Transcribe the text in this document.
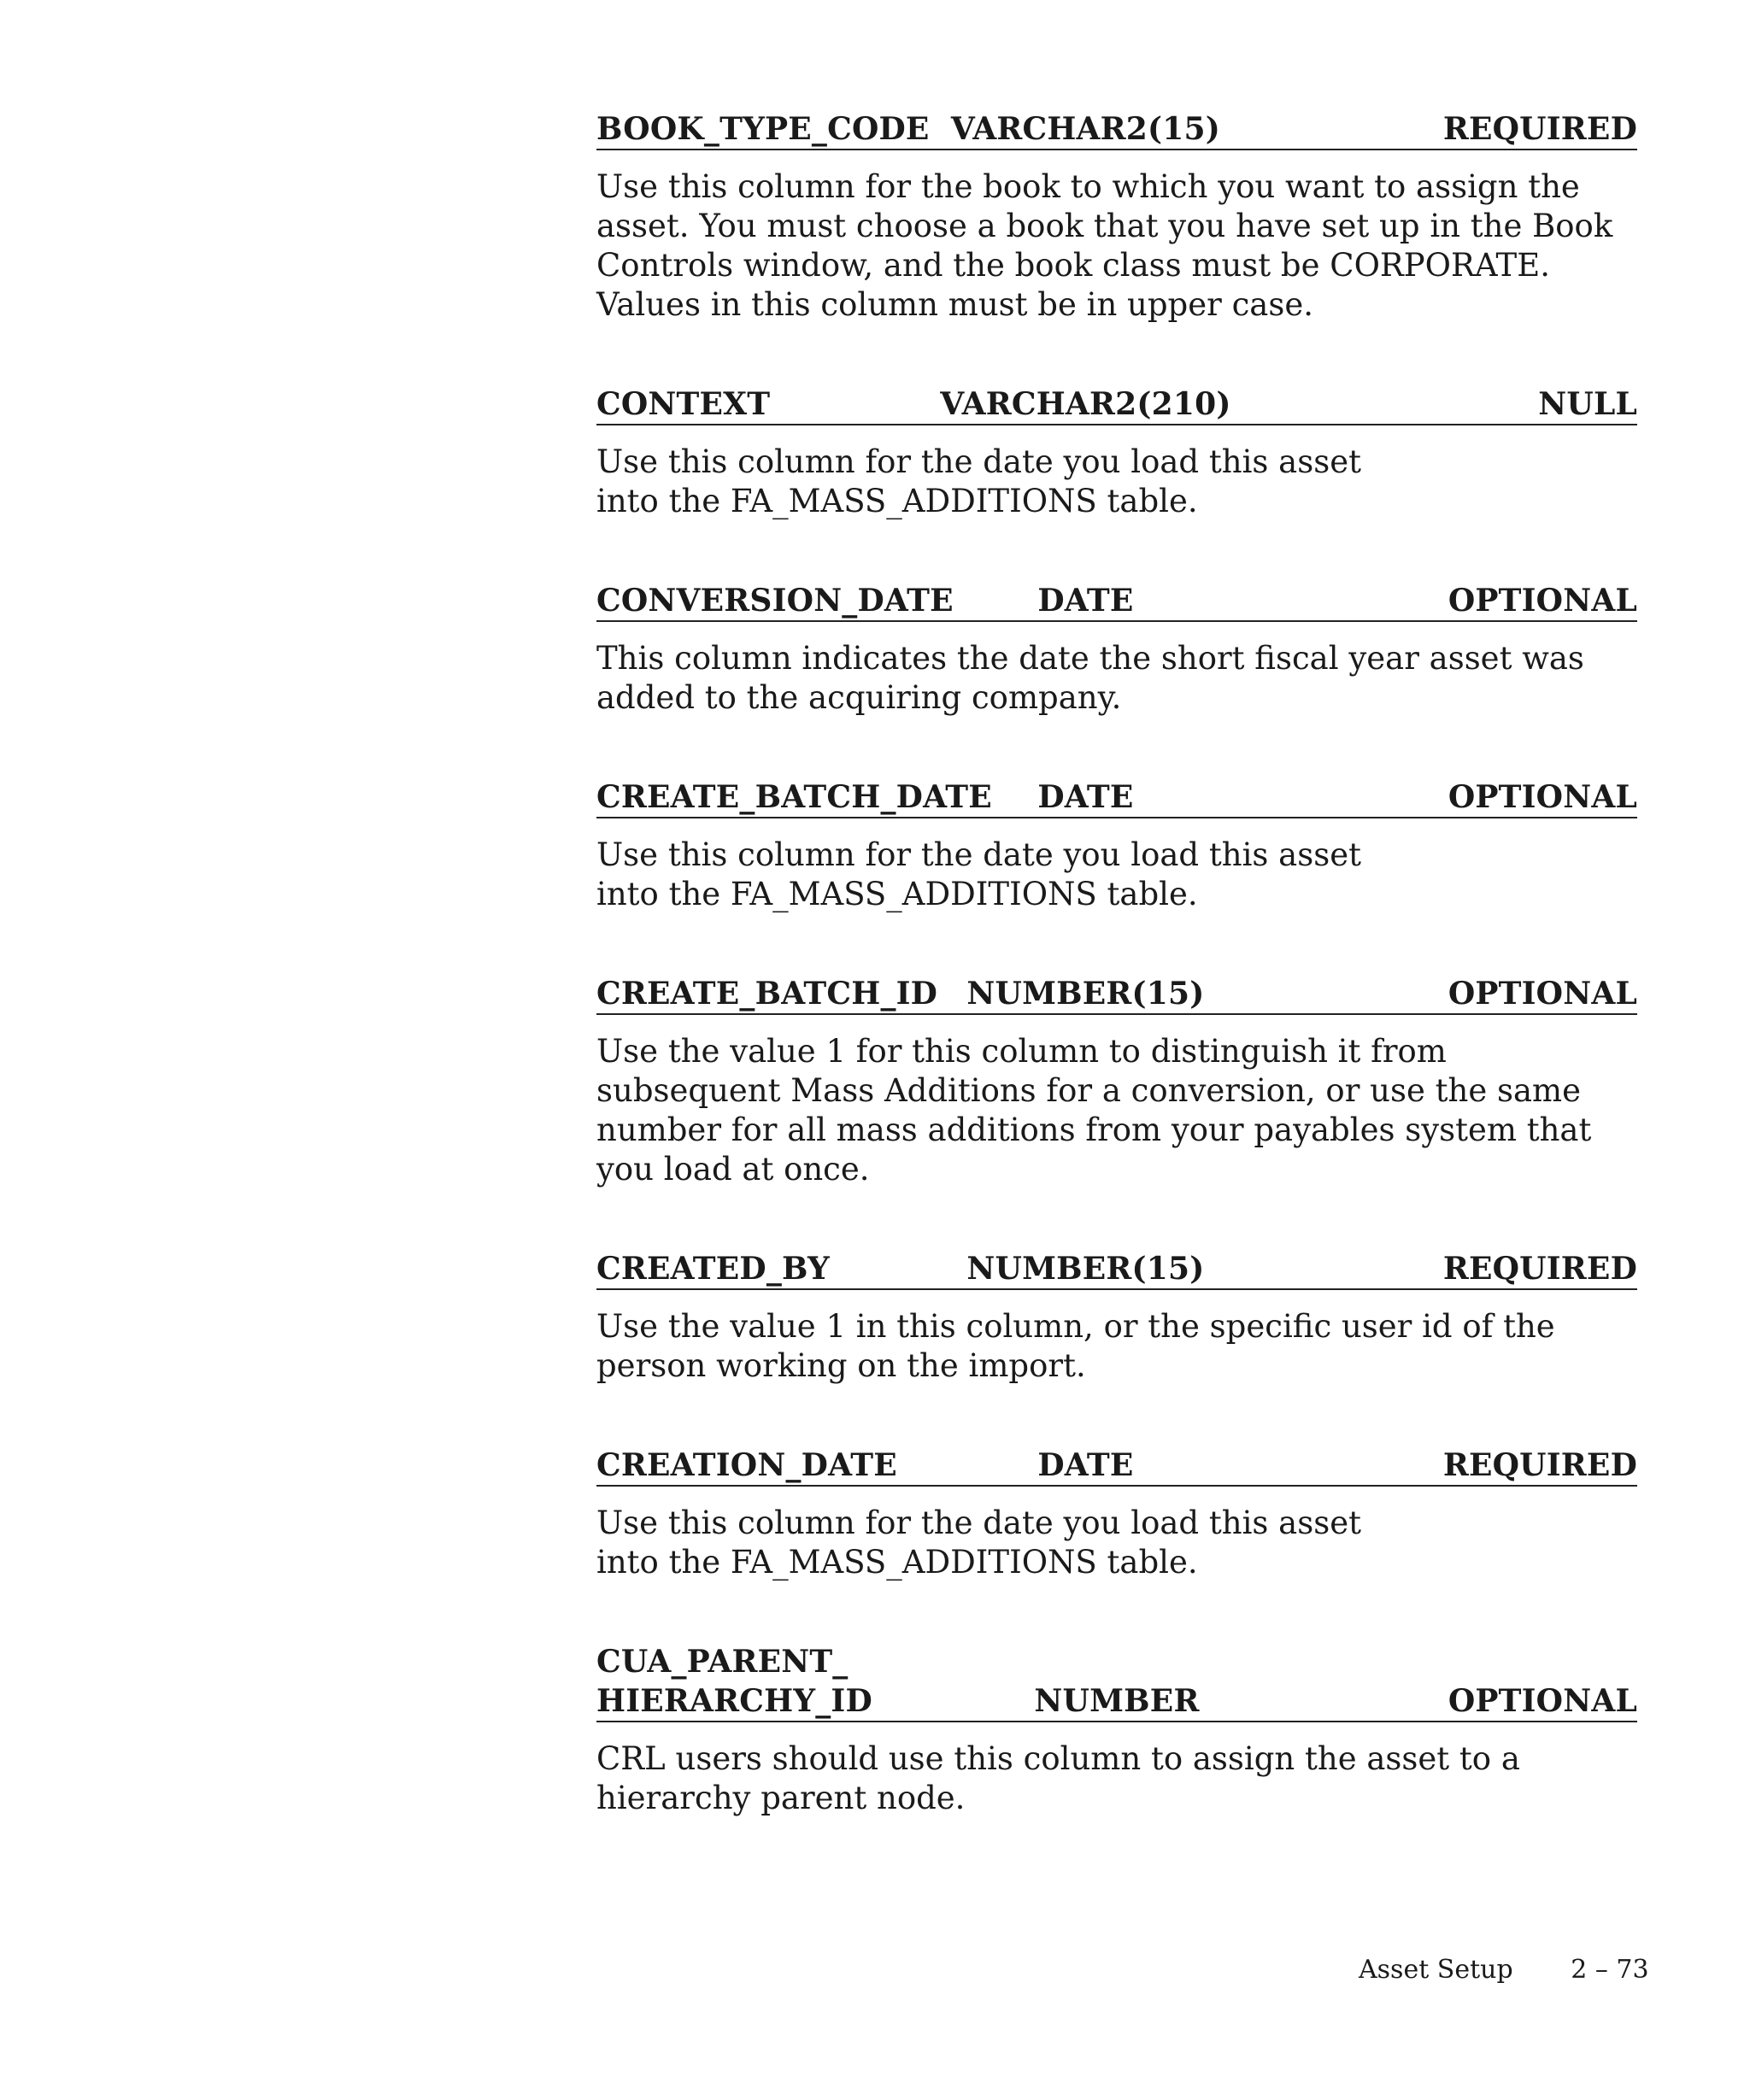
BOOK_TYPE_CODE VARCHAR2(15)	REQUIRED
Use this column for the book to which you want to assign the asset. You must choose a book that you have set up in the Book Controls window, and the book class must be CORPORATE. Values in this column must be in upper case.
CONTEXT	VARCHAR2(210)	NULL
Use this column for the date you load this asset into the FA_MASS_ADDITIONS table.
CONVERSION_DATE	DATE	OPTIONAL
This column indicates the date the short fiscal year asset was added to the acquiring company.
CREATE_BATCH_DATE DATE	OPTIONAL
Use this column for the date you load this asset into the FA_MASS_ADDITIONS table.
CREATE_BATCH_ID NUMBER(15)	OPTIONAL
Use the value 1 for this column to distinguish it from subsequent Mass Additions for a conversion, or use the same number for all mass additions from your payables system that you load at once.
CREATED_BY	NUMBER(15)	REQUIRED
Use the value 1 in this column, or the specific user id of the person working on the import.
CREATION_DATE	DATE	REQUIRED
Use this column for the date you load this asset into the FA_MASS_ADDITIONS table.
CUA_PARENT_
HIERARCHY_ID	NUMBER	OPTIONAL
CRL users should use this column to assign the asset to a hierarchy parent node.
Asset Setup 2 – 73
